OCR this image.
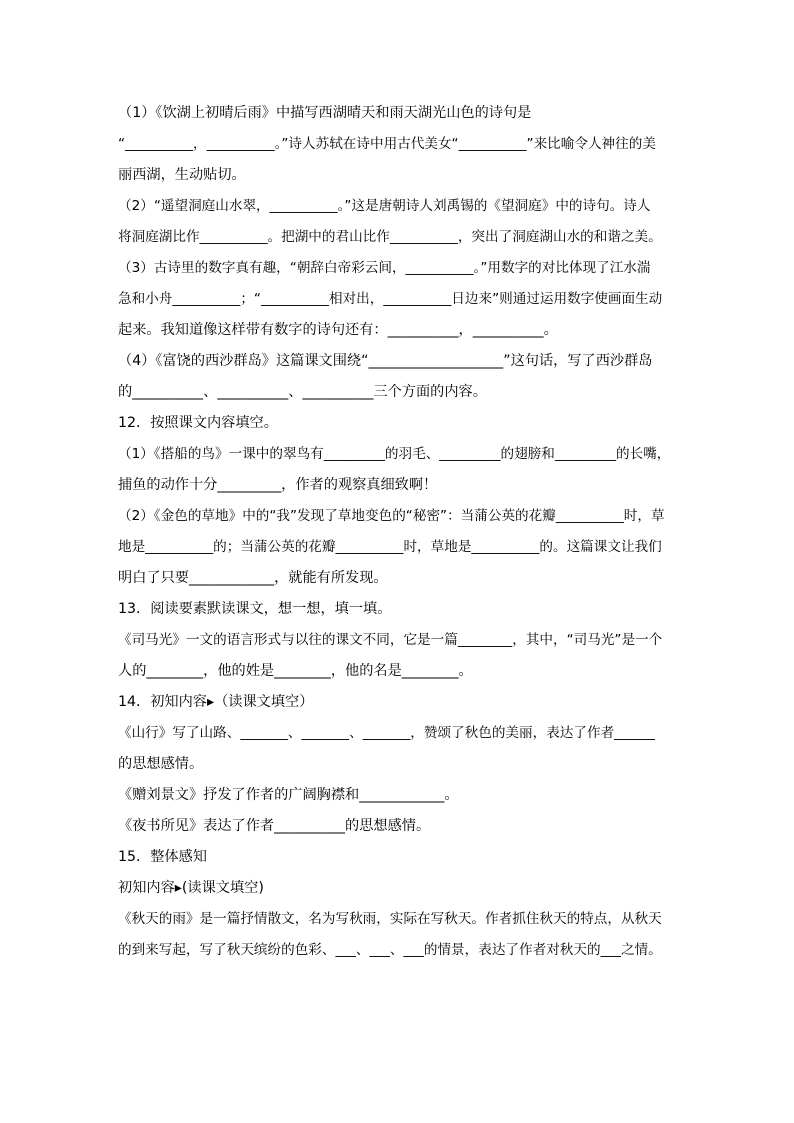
（1）《饮湖上初晴后雨》中描写西湖晴天和雨天湖光山色的诗句是
“__________，__________。”诗人苏轼在诗中用古代美女“__________”来比喻令人神往的美
丽西湖，生动贴切。
（2）“遥望洞庭山水翠，__________。”这是唐朝诗人刘禹锡的《望洞庭》中的诗句。诗人
将洞庭湖比作__________。把湖中的君山比作__________，突出了洞庭湖山水的和谐之美。
（3）古诗里的数字真有趣，“朝辞白帝彩云间，__________。”用数字的对比体现了江水湍
急和小舟__________；“__________相对出，__________日边来”则通过运用数字使画面生动
起来。我知道像这样带有数字的诗句还有：__________，__________。
（4）《富饶的西沙群岛》这篇课文围绕“___________________”这句话，写了西沙群岛
的__________、__________、__________三个方面的内容。
12．按照课文内容填空。
（1）《搭船的鸟》一课中的翠鸟有_________的羽毛、_________的翅膀和_________的长嘴，
捕鱼的动作十分_________，作者的观察真细致啊！
（2）《金色的草地》中的“我”发现了草地变色的“秘密”：当蒲公英的花瓣__________时，草
地是__________的；当蒲公英的花瓣__________时，草地是__________的。这篇课文让我们
明白了只要____________，就能有所发现。
13．阅读要素默读课文，想一想，填一填。
《司马光》一文的语言形式与以往的课文不同，它是一篇________，其中，“司马光”是一个
人的________，他的姓是________，他的名是________。
14．初知内容▸（读课文填空）
《山行》写了山路、_______、_______、_______，赞颂了秋色的美丽，表达了作者______
的思想感情。
《赠刘景文》抒发了作者的广阔胸襟和____________。
《夜书所见》表达了作者__________的思想感情。
15．整体感知
初知内容▸(读课文填空)
《秋天的雨》是一篇抒情散文，名为写秋雨，实际在写秋天。作者抓住秋天的特点，从秋天
的到来写起，写了秋天缤纷的色彩、___、___、___的情景，表达了作者对秋天的___之情。
